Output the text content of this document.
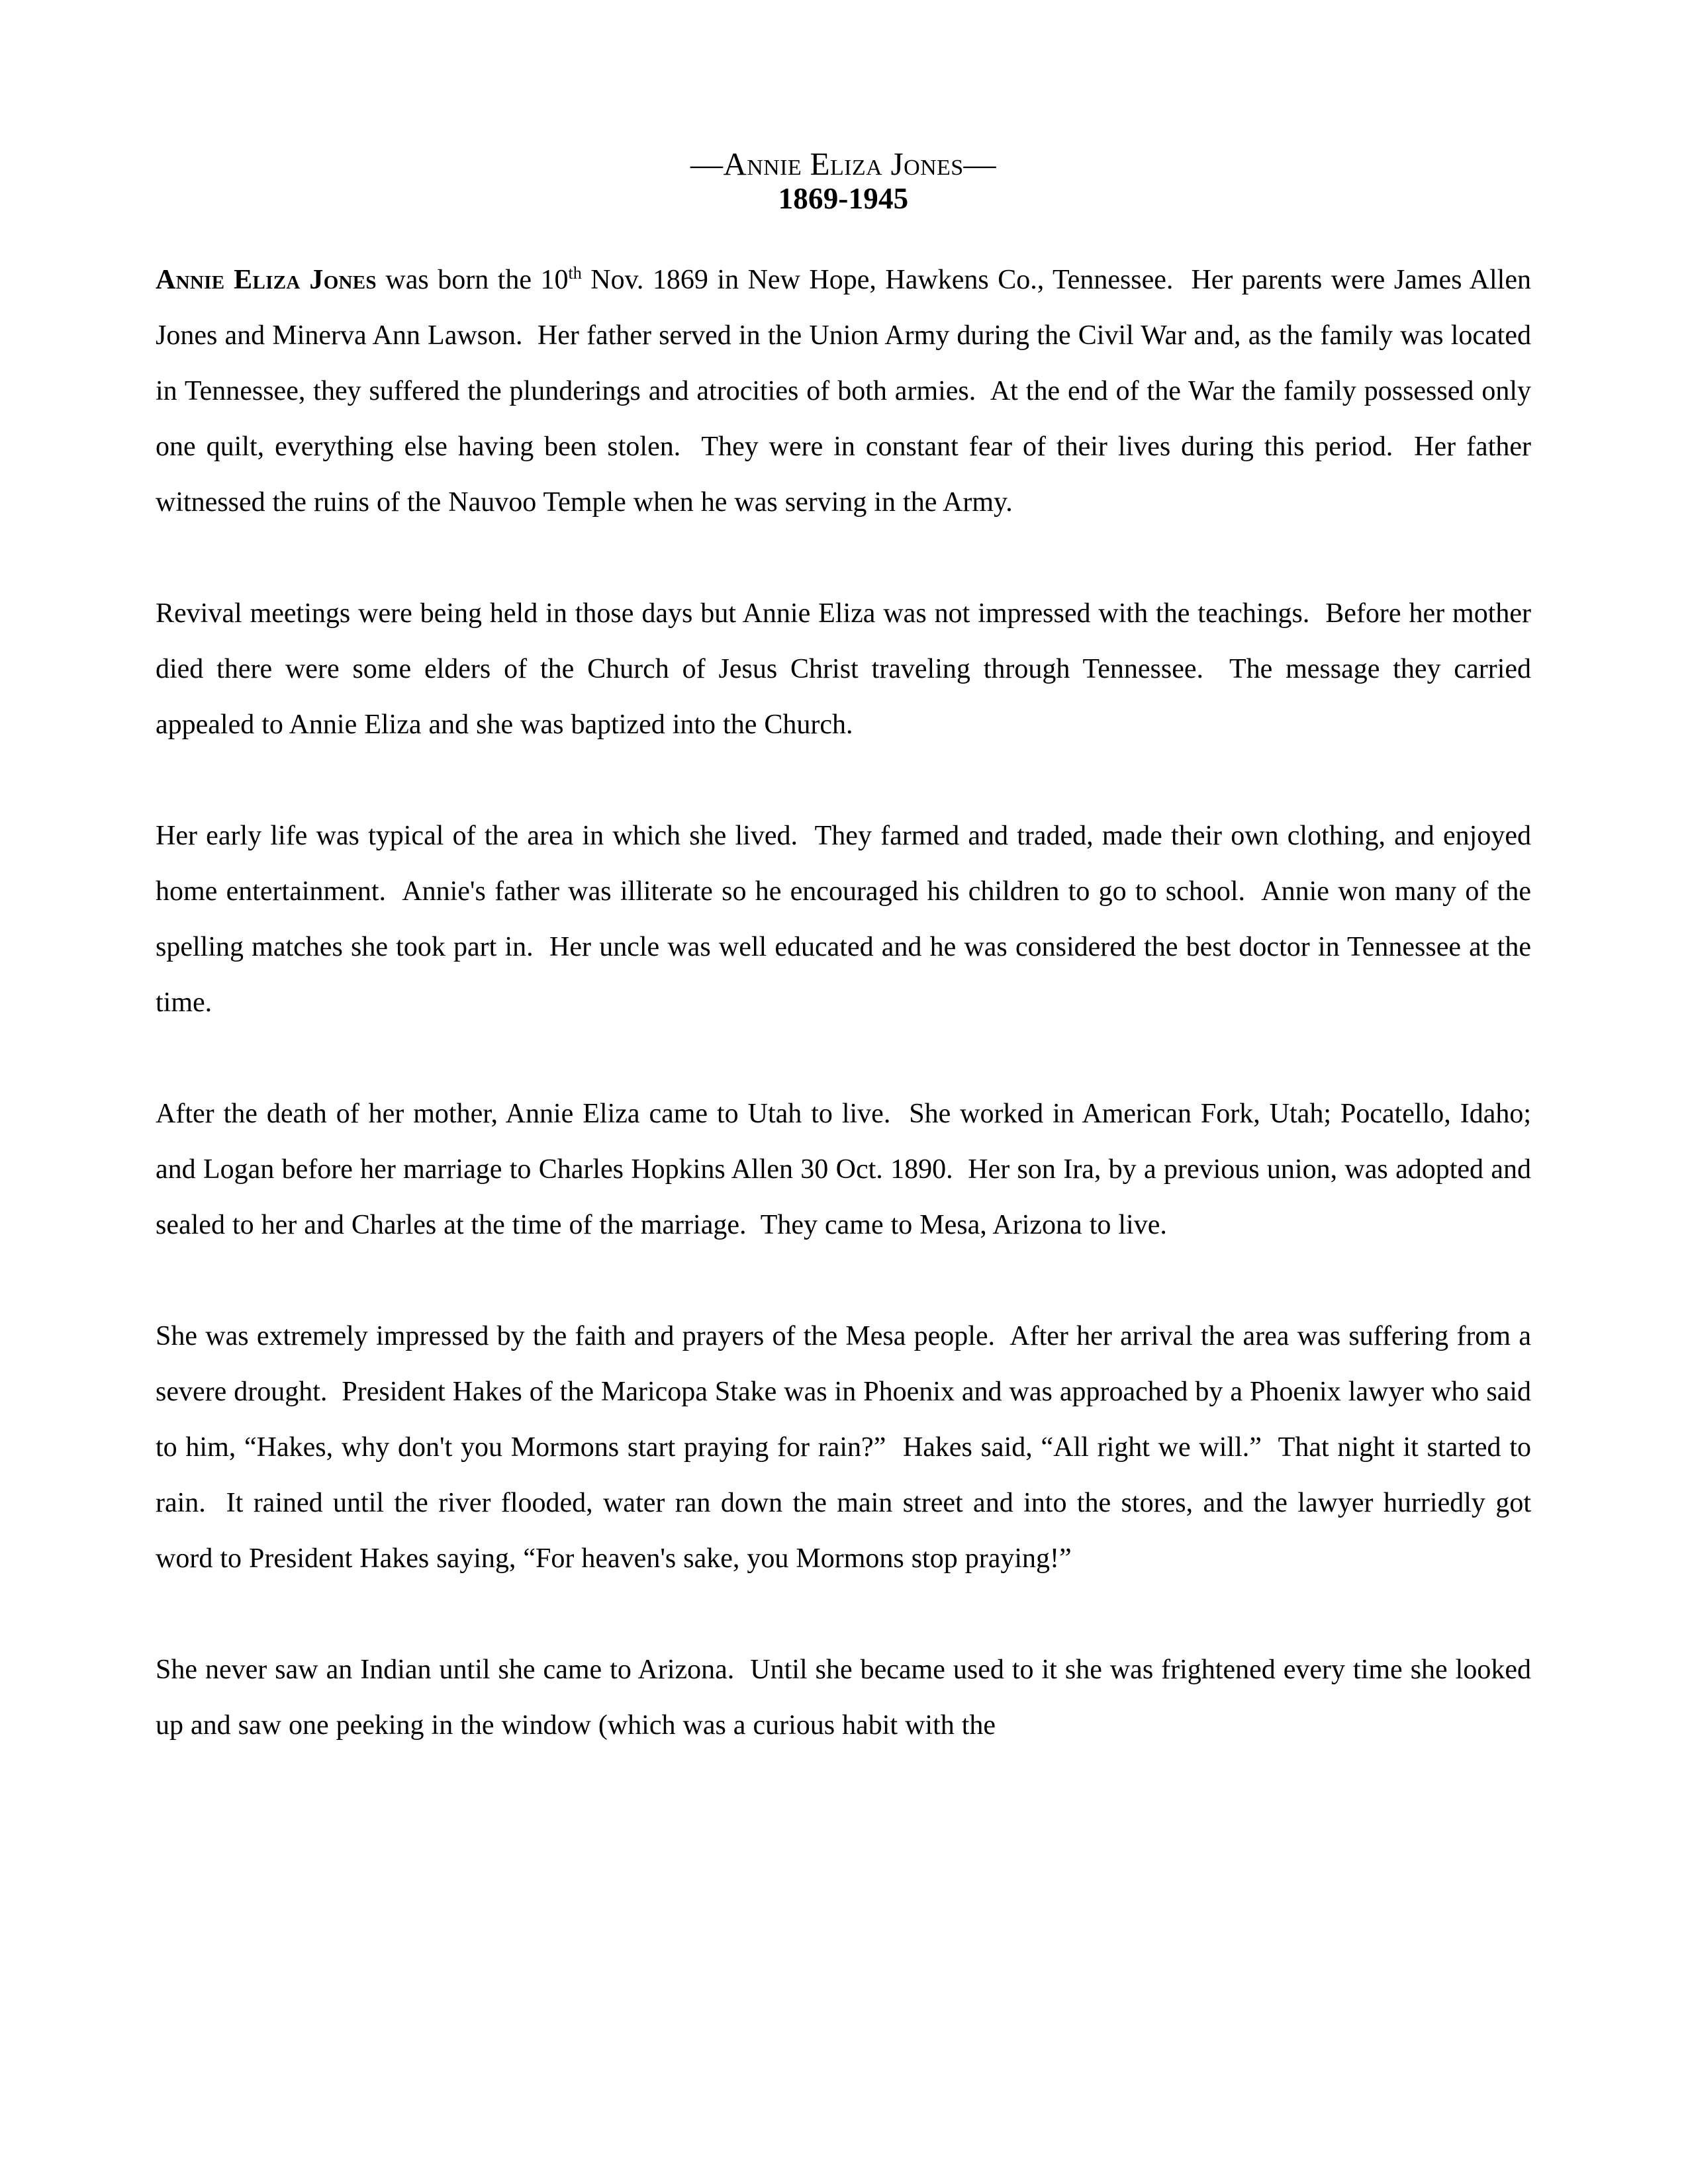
—Annie Eliza Jones—
1869-1945

Annie Eliza Jones was born the 10th Nov. 1869 in New Hope, Hawkens Co., Tennessee.  Her parents were James Allen Jones and Minerva Ann Lawson.  Her father served in the Union Army during the Civil War and, as the family was located in Tennessee, they suffered the plunderings and atrocities of both armies.  At the end of the War the family possessed only one quilt, everything else having been stolen.  They were in constant fear of their lives during this period.  Her father witnessed the ruins of the Nauvoo Temple when he was serving in the Army.

Revival meetings were being held in those days but Annie Eliza was not impressed with the teachings.  Before her mother died there were some elders of the Church of Jesus Christ traveling through Tennessee.  The message they carried appealed to Annie Eliza and she was baptized into the Church.

Her early life was typical of the area in which she lived.  They farmed and traded, made their own clothing, and enjoyed home entertainment.  Annie's father was illiterate so he encouraged his children to go to school.  Annie won many of the spelling matches she took part in.  Her uncle was well educated and he was considered the best doctor in Tennessee at the time.

After the death of her mother, Annie Eliza came to Utah to live.  She worked in American Fork, Utah; Pocatello, Idaho; and Logan before her marriage to Charles Hopkins Allen 30 Oct. 1890.  Her son Ira, by a previous union, was adopted and sealed to her and Charles at the time of the marriage.  They came to Mesa, Arizona to live.

She was extremely impressed by the faith and prayers of the Mesa people.  After her arrival the area was suffering from a severe drought.  President Hakes of the Maricopa Stake was in Phoenix and was approached by a Phoenix lawyer who said to him, “Hakes, why don't you Mormons start praying for rain?”  Hakes said, “All right we will.”  That night it started to rain.  It rained until the river flooded, water ran down the main street and into the stores, and the lawyer hurriedly got word to President Hakes saying, “For heaven's sake, you Mormons stop praying!”

She never saw an Indian until she came to Arizona.  Until she became used to it she was frightened every time she looked up and saw one peeking in the window (which was a curious habit with the
